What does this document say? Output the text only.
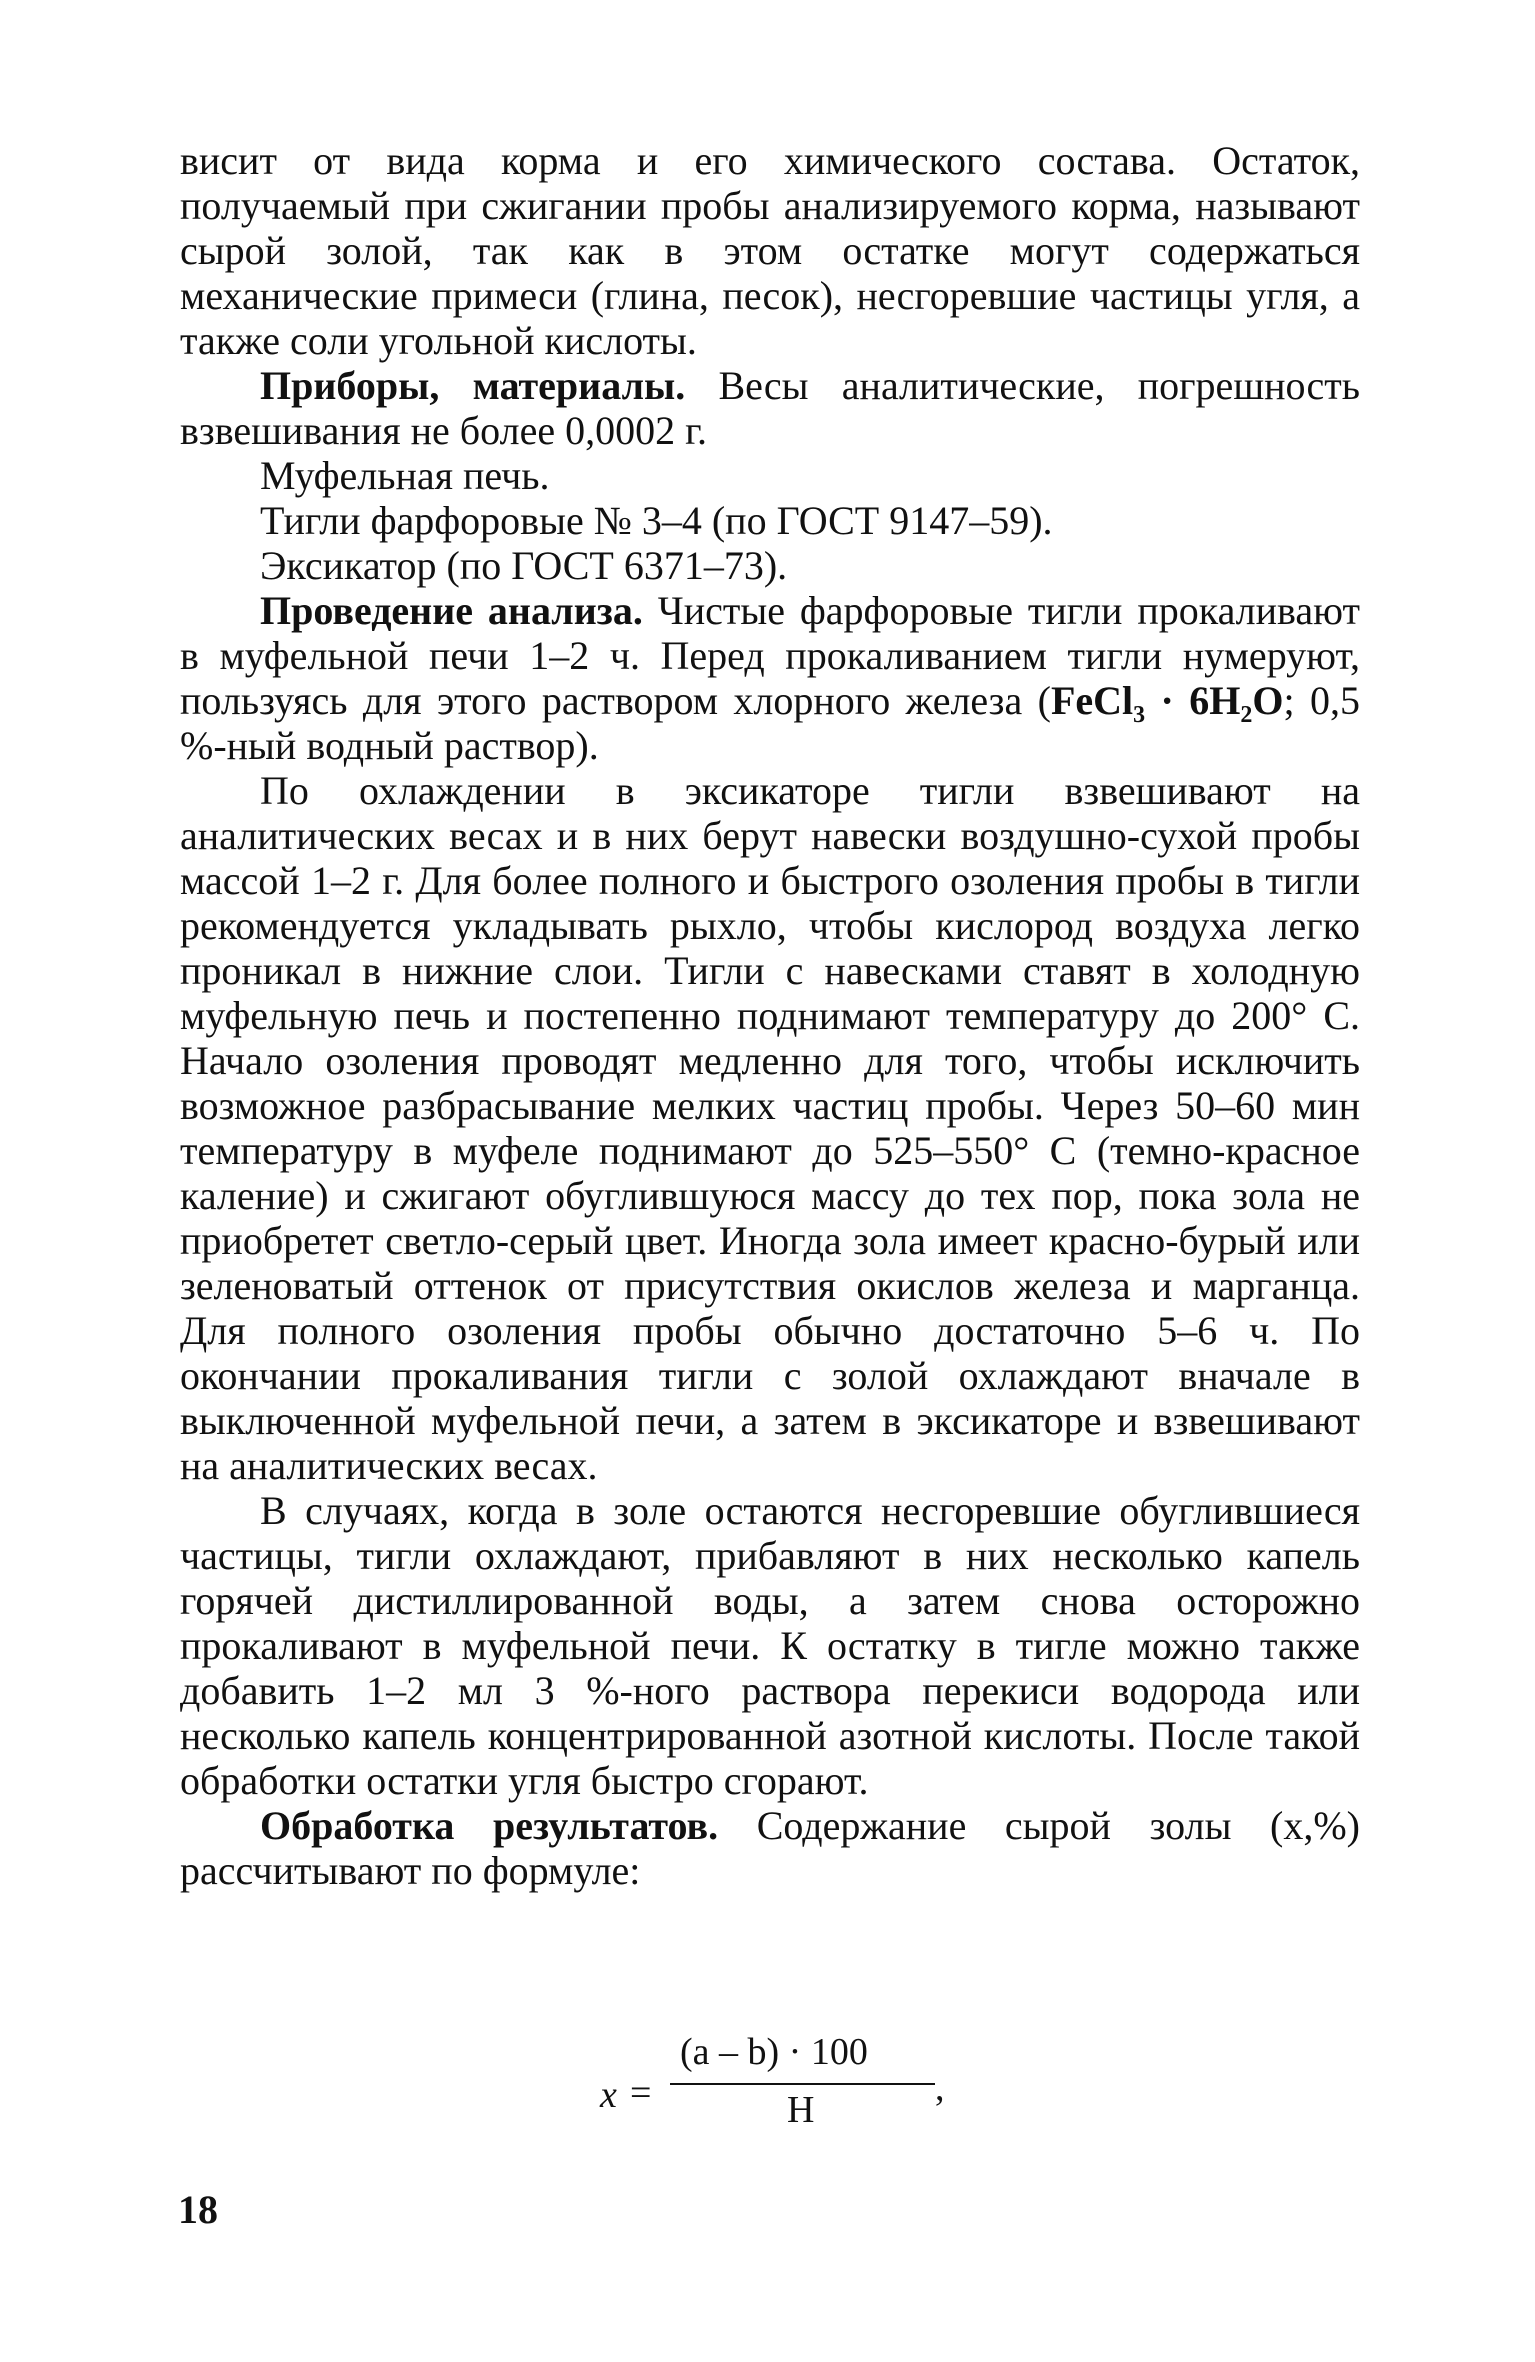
висит от вида корма и его химического состава. Остаток, получаемый при сжигании пробы анализируемого корма, называют сырой золой, так как в этом остатке могут содержаться механические примеси (глина, песок), несгоревшие частицы угля, а также соли угольной кислоты.

Приборы, материалы. Весы аналитические, погрешность взвешивания не более 0,0002 г.

Муфельная печь.

Тигли фарфоровые № 3–4 (по ГОСТ 9147–59).

Эксикатор (по ГОСТ 6371–73).

Проведение анализа. Чистые фарфоровые тигли прокаливают в муфельной печи 1–2 ч. Перед прокаливанием тигли нумеруют, пользуясь для этого раствором хлорного железа (FeCl₃ · 6H₂O; 0,5 %-ный водный раствор).

По охлаждении в эксикаторе тигли взвешивают на аналитических весах и в них берут навески воздушно-сухой пробы массой 1–2 г. Для более полного и быстрого озоления пробы в тигли рекомендуется укладывать рыхло, чтобы кислород воздуха легко проникал в нижние слои. Тигли с навесками ставят в холодную муфельную печь и постепенно поднимают температуру до 200° С. Начало озоления проводят медленно для того, чтобы исключить возможное разбрасывание мелких частиц пробы. Через 50–60 мин температуру в муфеле поднимают до 525–550° С (темно-красное каление) и сжигают обуглившуюся массу до тех пор, пока зола не приобретет светло-серый цвет. Иногда зола имеет красно-бурый или зеленоватый оттенок от присутствия окислов железа и марганца. Для полного озоления пробы обычно достаточно 5–6 ч. По окончании прокаливания тигли с золой охлаждают вначале в выключенной муфельной печи, а затем в эксикаторе и взвешивают на аналитических весах.

В случаях, когда в золе остаются несгоревшие обуглившиеся частицы, тигли охлаждают, прибавляют в них несколько капель горячей дистиллированной воды, а затем снова осторожно прокаливают в муфельной печи. К остатку в тигле можно также добавить 1–2 мл 3 %-ного раствора перекиси водорода или несколько капель концентрированной азотной кислоты. После такой обработки остатки угля быстро сгорают.

Обработка результатов. Содержание сырой золы (x,%) рассчитывают по формуле:

x =
(a – b) · 100
,
Н
18
